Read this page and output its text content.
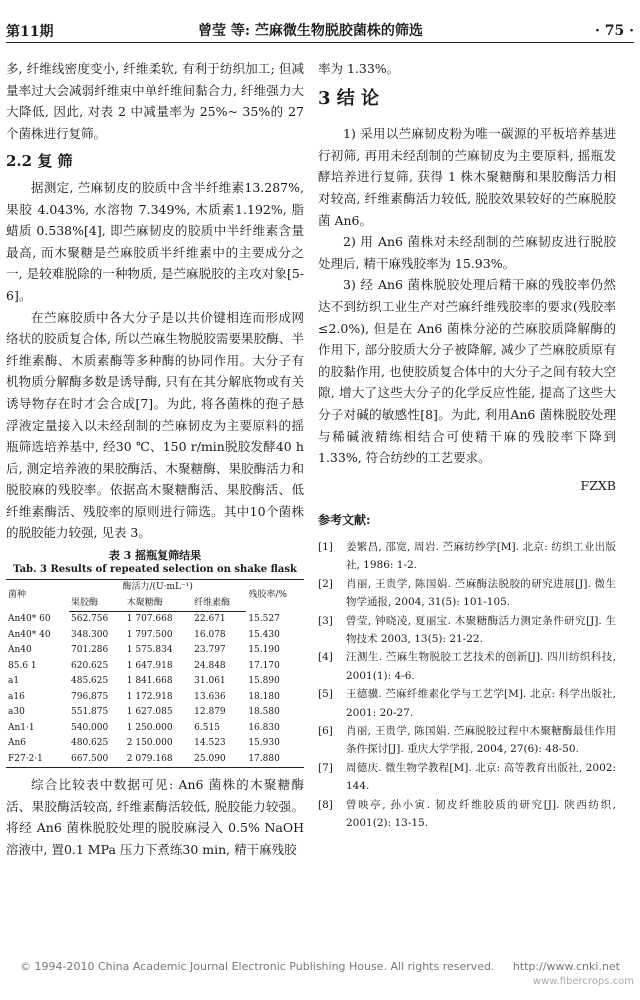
第11期	曾莹 等: 苎麻微生物脱胶菌株的筛选	· 75 ·

多, 纤维线密度变小, 纤维柔软, 有利于纺织加工; 但减量率过大会减弱纤维束中单纤维间黏合力, 纤维强力大大降低, 因此, 对表 2 中减量率为 25%~ 35%的 27 个菌株进行复筛。

2.2 复 筛

据测定, 苎麻韧皮的胶质中含半纤维素13.287%, 果胶 4.043%, 水溶物 7.349%, 木质素1.192%, 脂蜡质 0.538%[4], 即苎麻韧皮的胶质中半纤维素含量最高, 而木聚糖是苎麻胶质半纤维素中的主要成分之一, 是较难脱除的一种物质, 是苎麻脱胶的主攻对象[5-6]。

在苎麻胶质中各大分子是以共价键相连而形成网络状的胶质复合体, 所以苎麻生物脱胶需要果胶酶、半纤维素酶、木质素酶等多种酶的协同作用。大分子有机物质分解酶多数是诱导酶, 只有在其分解底物或有关诱导物存在时才会合成[7]。为此, 将各菌株的孢子悬浮液定量接入以未经刮制的苎麻韧皮为主要原料的摇瓶筛选培养基中, 经30 ℃、150 r/min脱胶发酵40 h后, 测定培养液的果胶酶活、木聚糖酶、果胶酶活力和脱胶麻的残胶率。依据高木聚糖酶活、果胶酶活、低纤维素酶活、残胶率的原则进行筛选。其中10个菌株的脱胶能力较强, 见表 3。

表 3 摇瓶复筛结果
Tab. 3 Results of repeated selection on shake flask
菌种	酶活力/(U·mL⁻¹)			残胶率/%
	果胶酶	木聚糖酶	纤维素酶	
An40* 60	562.756	1 707.668	22.671	15.527
An40* 40	348.300	1 797.500	16.078	15.430
An40	701.286	1 575.834	23.797	15.190
85.6 1	620.625	1 647.918	24.848	17.170
a1	485.625	1 841.668	31.061	15.890
a16	796.875	1 172.918	13.636	18.180
a30	551.875	1 627.085	12.879	18.580
An1·1	540.000	1 250.000	6.515	16.830
An6	480.625	2 150.000	14.523	15.930
F27·2·1	667.500	2 079.168	25.090	17.880

综合比较表中数据可见: An6 菌株的木聚糖酶活、果胶酶活较高, 纤维素酶活较低, 脱胶能力较强。将经 An6 菌株脱胶处理的脱胶麻浸入 0.5% NaOH溶液中, 置0.1 MPa 压力下煮练30 min, 精干麻残胶

率为 1.33%。

3 结 论

1) 采用以苎麻韧皮粉为唯一碳源的平板培养基进行初筛, 再用未经刮制的苎麻韧皮为主要原料, 摇瓶发酵培养进行复筛, 获得 1 株木聚糖酶和果胶酶活力相对较高, 纤维素酶活力较低, 脱胶效果较好的苎麻脱胶菌 An6。

2) 用 An6 菌株对未经刮制的苎麻韧皮进行脱胶处理后, 精干麻残胶率为 15.93%。

3) 经 An6 菌株脱胶处理后精干麻的残胶率仍然达不到纺织工业生产对苎麻纤维残胶率的要求(残胶率 ≤2.0%), 但是在 An6 菌株分泌的苎麻胶质降解酶的作用下, 部分胶质大分子被降解, 减少了苎麻胶质原有的胶黏作用, 也使胶质复合体中的大分子之间有较大空隙, 增大了这些大分子的化学反应性能, 提高了这些大分子对碱的敏感性[8]。为此, 利用An6 菌株脱胶处理与稀碱液精练相结合可使精干麻的残胶率下降到 1.33%, 符合纺纱的工艺要求。

FZXB
参考文献:
[1]	姜繁昌, 邵宽, 周岩. 苎麻纺纱学[M]. 北京: 纺织工业出版社, 1986: 1-2.
[2]	肖丽, 王贵学, 陈国娟. 苎麻酶法脱胶的研究进展[J]. 微生物学通报, 2004, 31(5): 101-105.
[3]	曾莹, 钟晓凌, 夏丽宝. 木聚糖酶活力测定条件研究[J]. 生物技术 2003, 13(5): 21-22.
[4]	汪测生. 苎麻生物脱胶工艺技术的创新[J]. 四川纺织科技, 2001(1): 4-6.
[5]	王德骥. 苎麻纤维素化学与工艺学[M]. 北京: 科学出版社, 2001: 20-27.
[6]	肖丽, 王贵学, 陈国娟. 苎麻脱胶过程中木聚糖酶最佳作用条件探讨[J]. 重庆大学学报, 2004, 27(6): 48-50.
[7]	周德庆. 微生物学教程[M]. 北京: 高等教育出版社, 2002: 144.
[8]	曾映亭, 孙小寅. 韧皮纤维胶质的研究[J]. 陕西纺织, 2001(2): 13-15.
© 1994-2010 China Academic Journal Electronic Publishing House. All rights reserved. http://www.cnki.net
www.fibercrops.com
